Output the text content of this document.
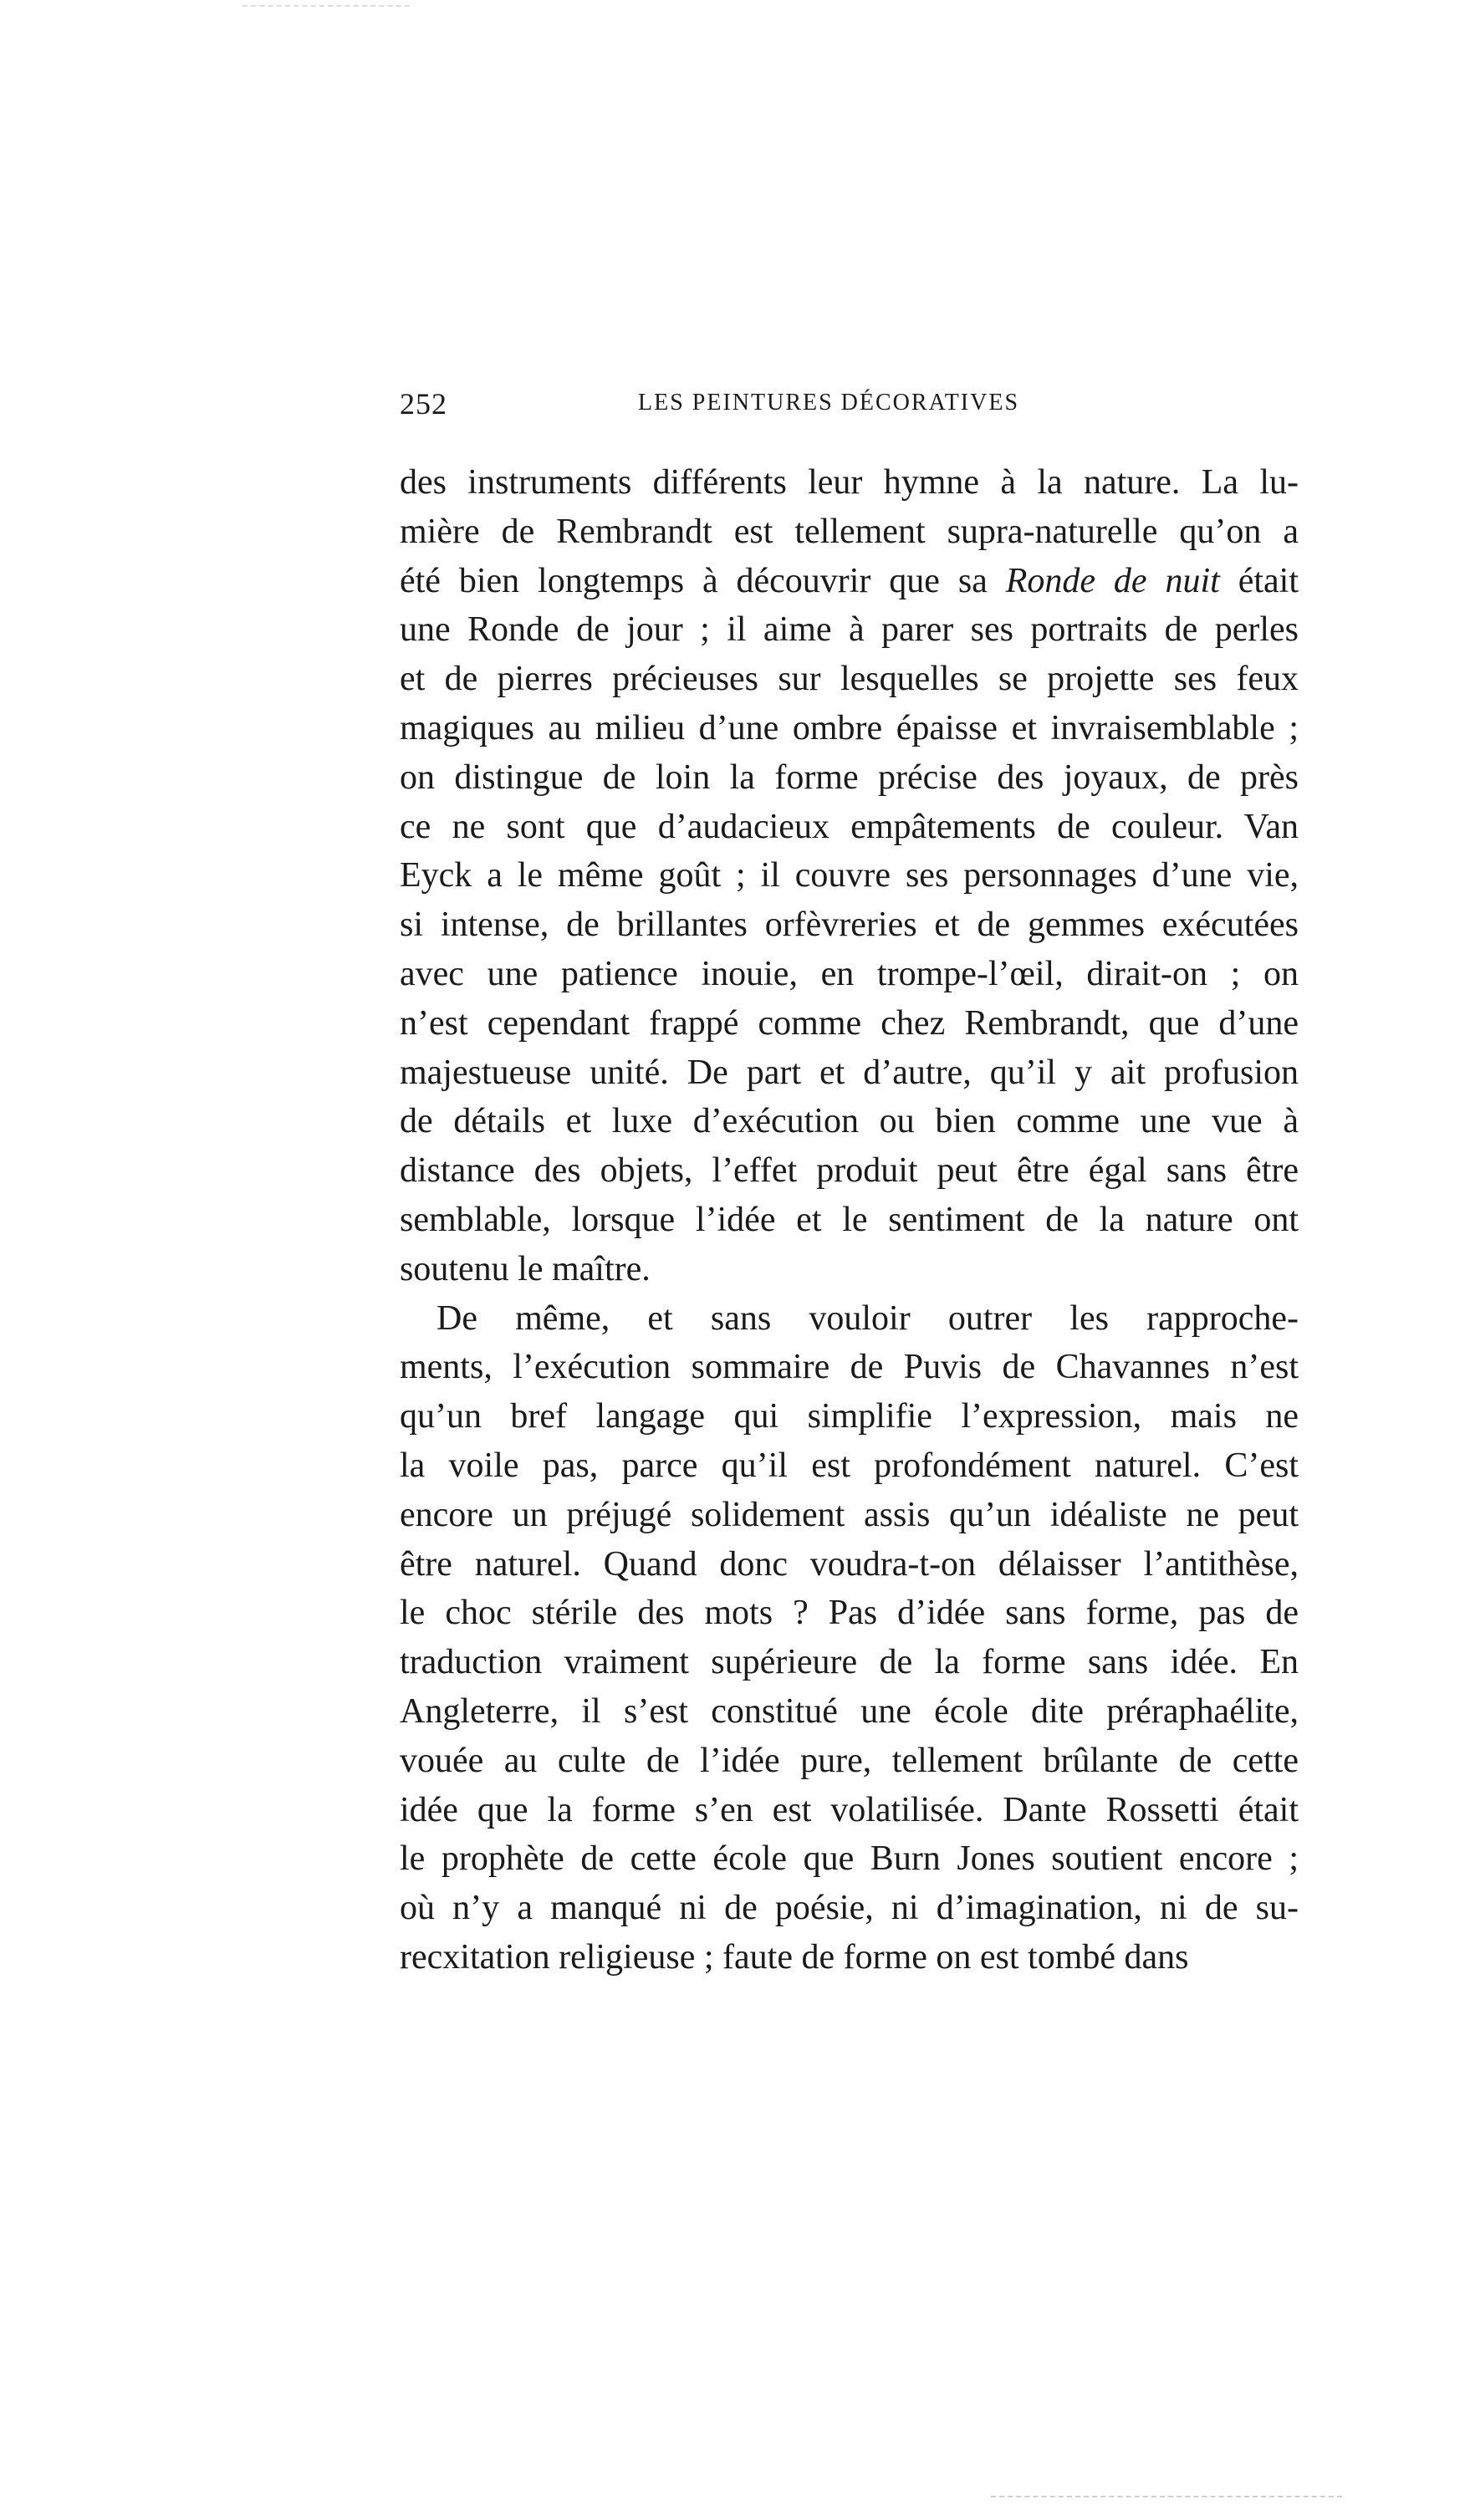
252	LES PEINTURES DÉCORATIVES
des instruments différents leur hymne à la nature. La lu-
mière de Rembrandt est tellement supra-naturelle qu’on a
été bien longtemps à découvrir que sa Ronde de nuit était
une Ronde de jour ; il aime à parer ses portraits de perles
et de pierres précieuses sur lesquelles se projette ses feux
magiques au milieu d’une ombre épaisse et invraisemblable ;
on distingue de loin la forme précise des joyaux, de près
ce ne sont que d’audacieux empâtements de couleur. Van
Eyck a le même goût ; il couvre ses personnages d’une vie,
si intense, de brillantes orfèvreries et de gemmes exécutées
avec une patience inouie, en trompe-l’œil, dirait-on ; on
n’est cependant frappé comme chez Rembrandt, que d’une
majestueuse unité. De part et d’autre, qu’il y ait profusion
de détails et luxe d’exécution ou bien comme une vue à
distance des objets, l’effet produit peut être égal sans être
semblable, lorsque l’idée et le sentiment de la nature ont
soutenu le maître.
De même, et sans vouloir outrer les rapproche-
ments, l’exécution sommaire de Puvis de Chavannes n’est
qu’un bref langage qui simplifie l’expression, mais ne
la voile pas, parce qu’il est profondément naturel. C’est
encore un préjugé solidement assis qu’un idéaliste ne peut
être naturel. Quand donc voudra-t-on délaisser l’antithèse,
le choc stérile des mots ? Pas d’idée sans forme, pas de
traduction vraiment supérieure de la forme sans idée. En
Angleterre, il s’est constitué une école dite préraphaélite,
vouée au culte de l’idée pure, tellement brûlante de cette
idée que la forme s’en est volatilisée. Dante Rossetti était
le prophète de cette école que Burn Jones soutient encore ;
où n’y a manqué ni de poésie, ni d’imagination, ni de su-
recxitation religieuse ; faute de forme on est tombé dans
